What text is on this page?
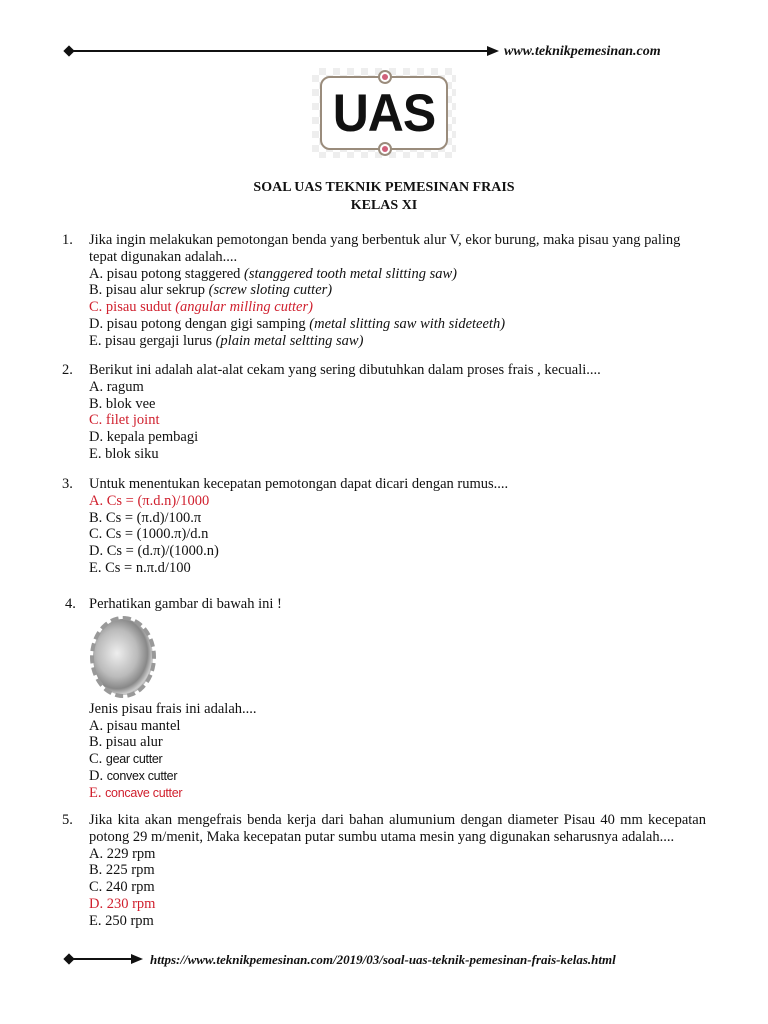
www.teknikpemesinan.com
UAS
SOAL UAS TEKNIK PEMESINAN FRAIS
KELAS XI
1. Jika ingin melakukan pemotongan benda yang berbentuk alur V, ekor burung, maka pisau yang paling tepat digunakan adalah....
A. pisau potong staggered (stanggered tooth metal slitting saw)
B. pisau alur sekrup (screw sloting cutter)
C. pisau sudut (angular milling cutter)
D. pisau potong dengan gigi samping (metal slitting saw with sideteeth)
E. pisau gergaji lurus (plain metal seltting saw)
2. Berikut ini adalah alat-alat cekam yang sering dibutuhkan dalam proses frais , kecuali....
A. ragum
B. blok vee
C. filet joint
D. kepala pembagi
E. blok siku
3. Untuk menentukan kecepatan pemotongan dapat dicari dengan rumus....
A. Cs = (π.d.n)/1000
B. Cs = (π.d)/100.π
C. Cs = (1000.π)/d.n
D. Cs = (d.π)/(1000.n)
E. Cs = n.π.d/100
4. Perhatikan gambar di bawah ini !
Jenis pisau frais ini adalah....
A. pisau mantel
B. pisau alur
C. gear cutter
D. convex cutter
E. concave cutter
5. Jika kita akan mengefrais benda kerja dari bahan alumunium dengan diameter Pisau 40 mm kecepatan potong 29 m/menit, Maka kecepatan putar sumbu utama mesin yang digunakan seharusnya adalah....
A. 229 rpm
B. 225 rpm
C. 240 rpm
D. 230 rpm
E. 250 rpm
https://www.teknikpemesinan.com/2019/03/soal-uas-teknik-pemesinan-frais-kelas.html
